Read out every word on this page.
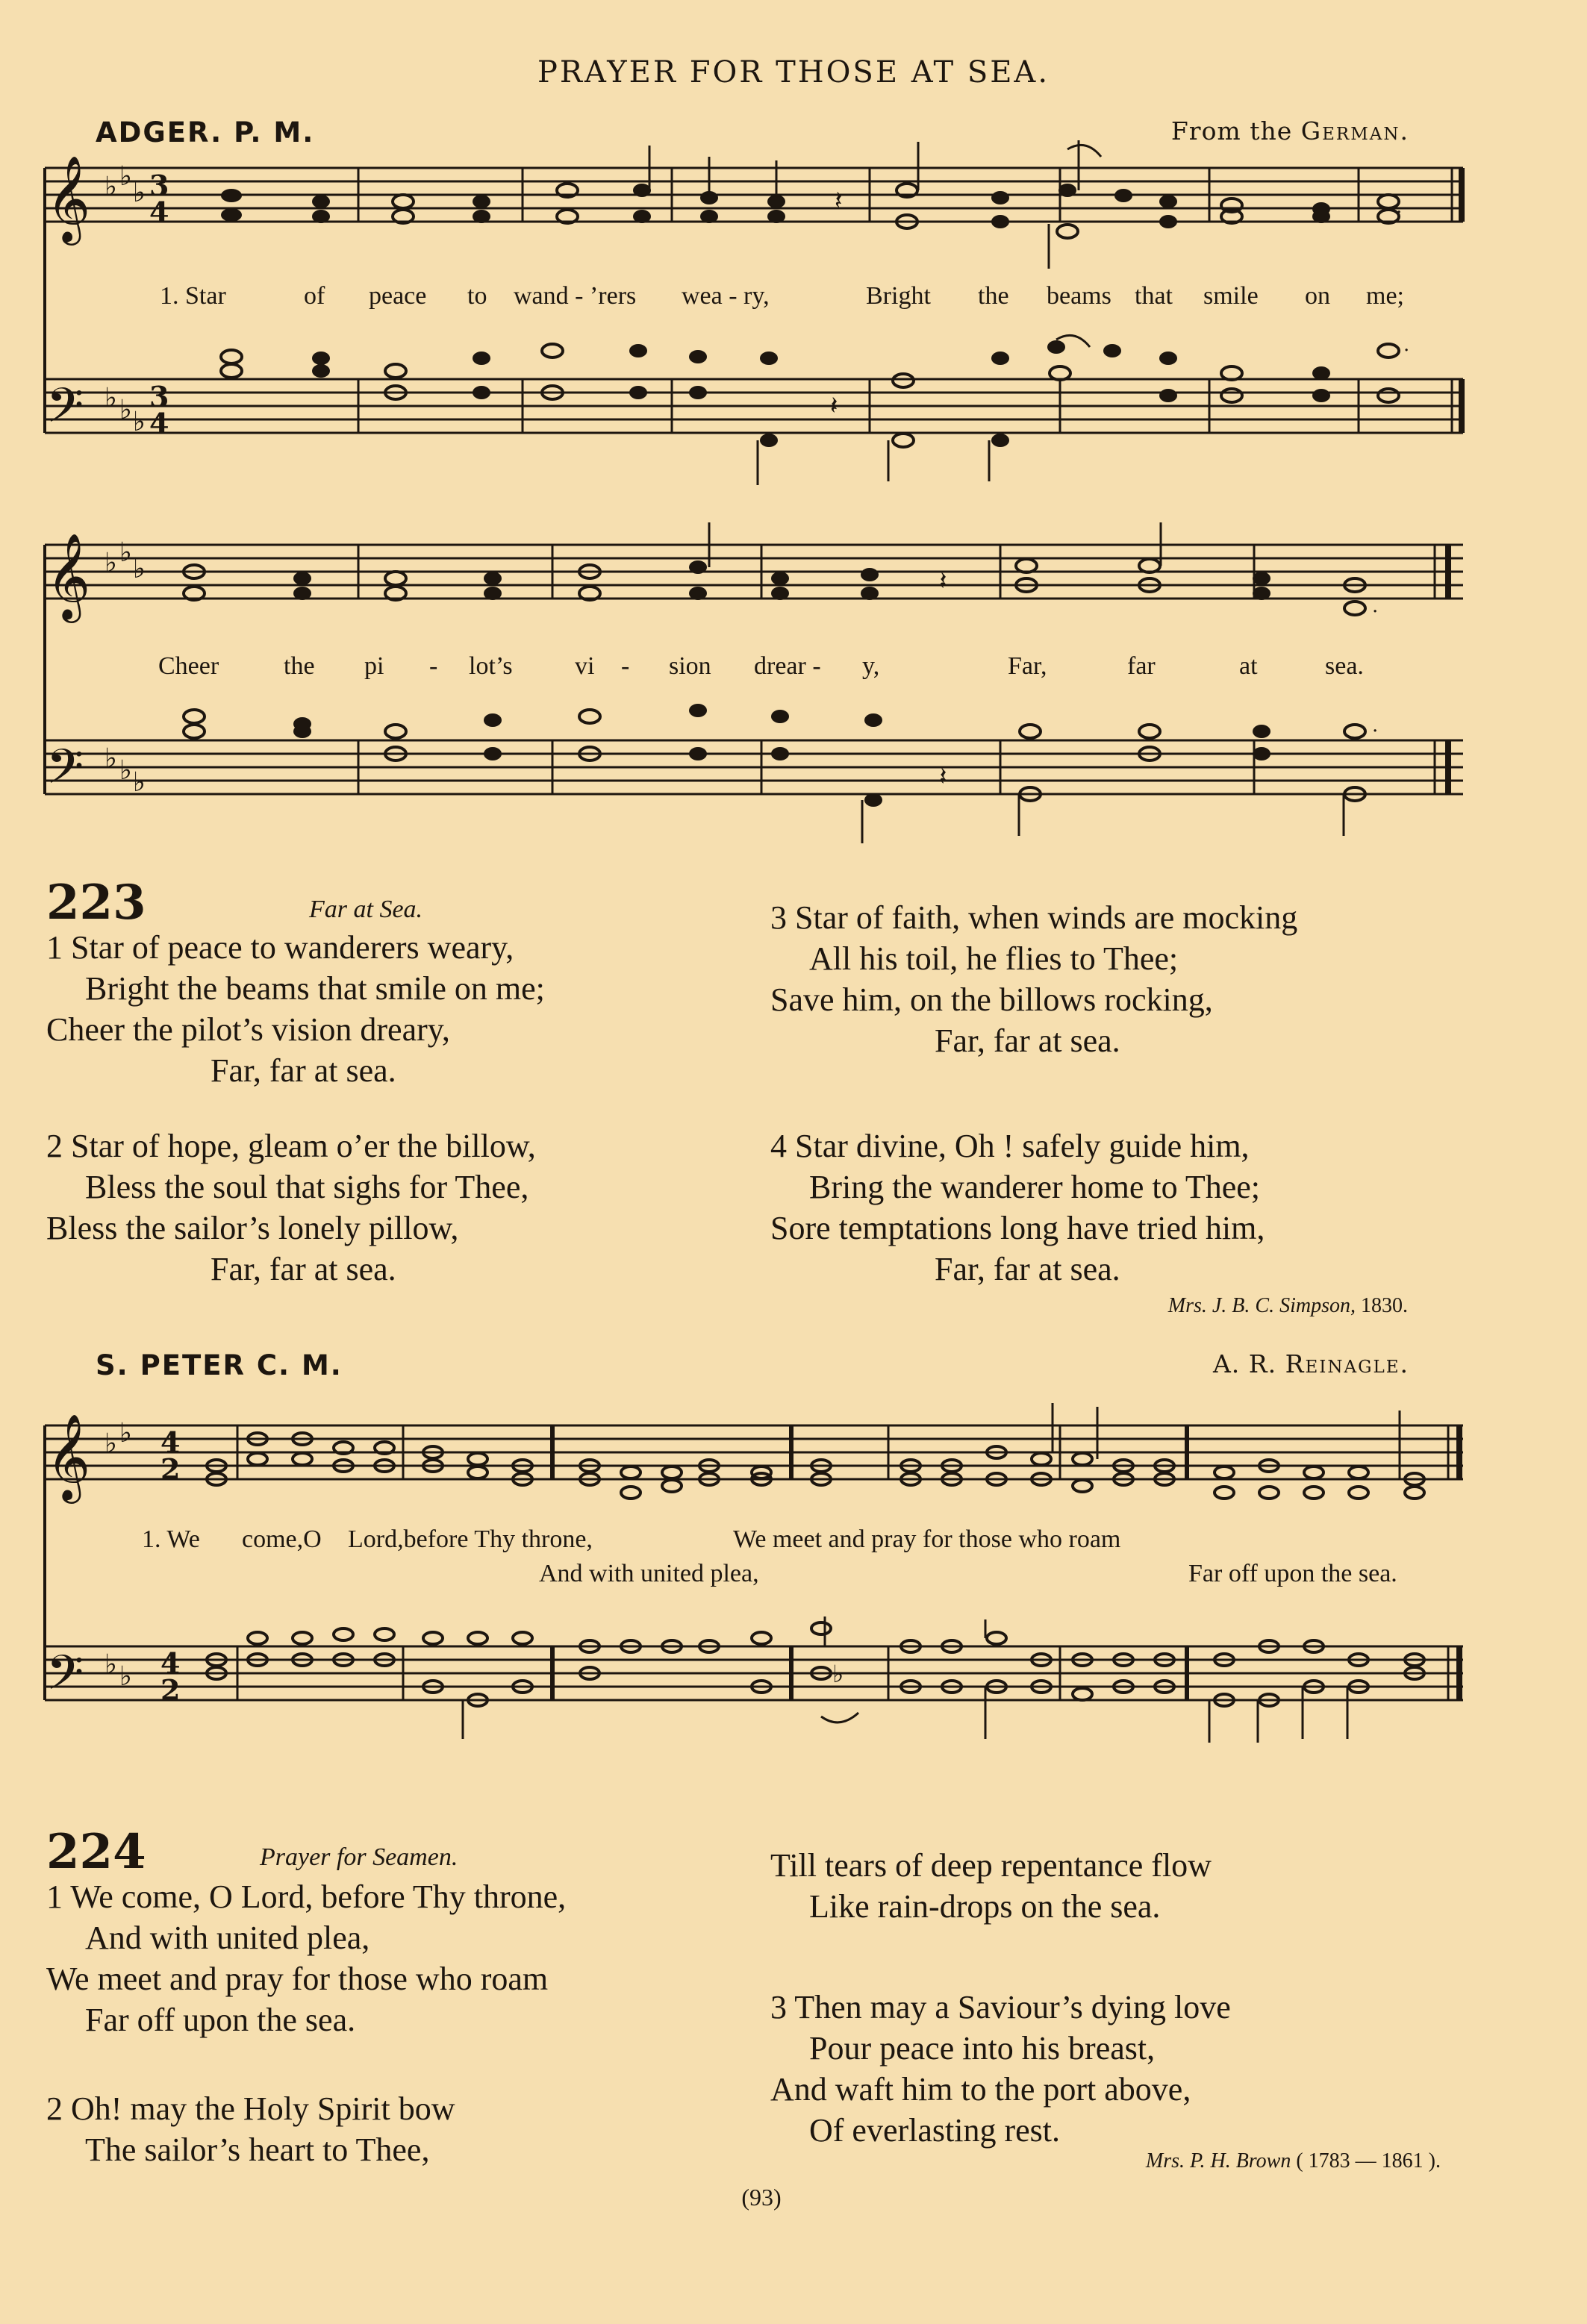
PRAYER FOR THOSE AT SEA.
ADGER. P. M.	From the German.
𝄞
𝄢
3
4
3
4
♭ ♭
♭
♭ ♭ ♭
𝄽
𝄽
.
.
1. Star	of peace to wand - ’rers wea - ry,	Bright the beams that smile on me;
𝄞
𝄢
♭ ♭
♭
♭ ♭ ♭
𝄽
𝄽
.
.
Cheer	the pi - lot’s vi - sion drear - y,	Far,	far	at	sea.
223	Far at Sea.
1 Star of peace to wanderers weary,
Bright the beams that smile on me;
Cheer the pilot’s vision dreary,
Far, far at sea.
2 Star of hope, gleam o’er the billow,
Bless the soul that sighs for Thee,
Bless the sailor’s lonely pillow,
Far, far at sea.
3 Star of faith, when winds are mocking
All his toil, he flies to Thee;
Save him, on the billows rocking,
Far, far at sea.
4 Star divine, Oh ! safely guide him,
Bring the wanderer home to Thee;
Sore temptations long have tried him,
Far, far at sea.
Mrs. J. B. C. Simpson, 1830.
S. PETER C. M.	A. R. Reinagle.
𝄞
𝄢
♭ ♭
♭ ♭
4
2
4
2	♭
1. We come,O Lord,before Thy throne,	We meet and pray for those who roam
And with united plea,	Far off upon the sea.
224	Prayer for Seamen.
1 We come, O Lord, before Thy throne,
And with united plea,
We meet and pray for those who roam
Far off upon the sea.
2 Oh! may the Holy Spirit bow
The sailor’s heart to Thee,
Till tears of deep repentance flow
Like rain-drops on the sea.
3 Then may a Saviour’s dying love
Pour peace into his breast,
And waft him to the port above,
Of everlasting rest.
Mrs. P. H. Brown ( 1783 — 1861 ).
(93)
